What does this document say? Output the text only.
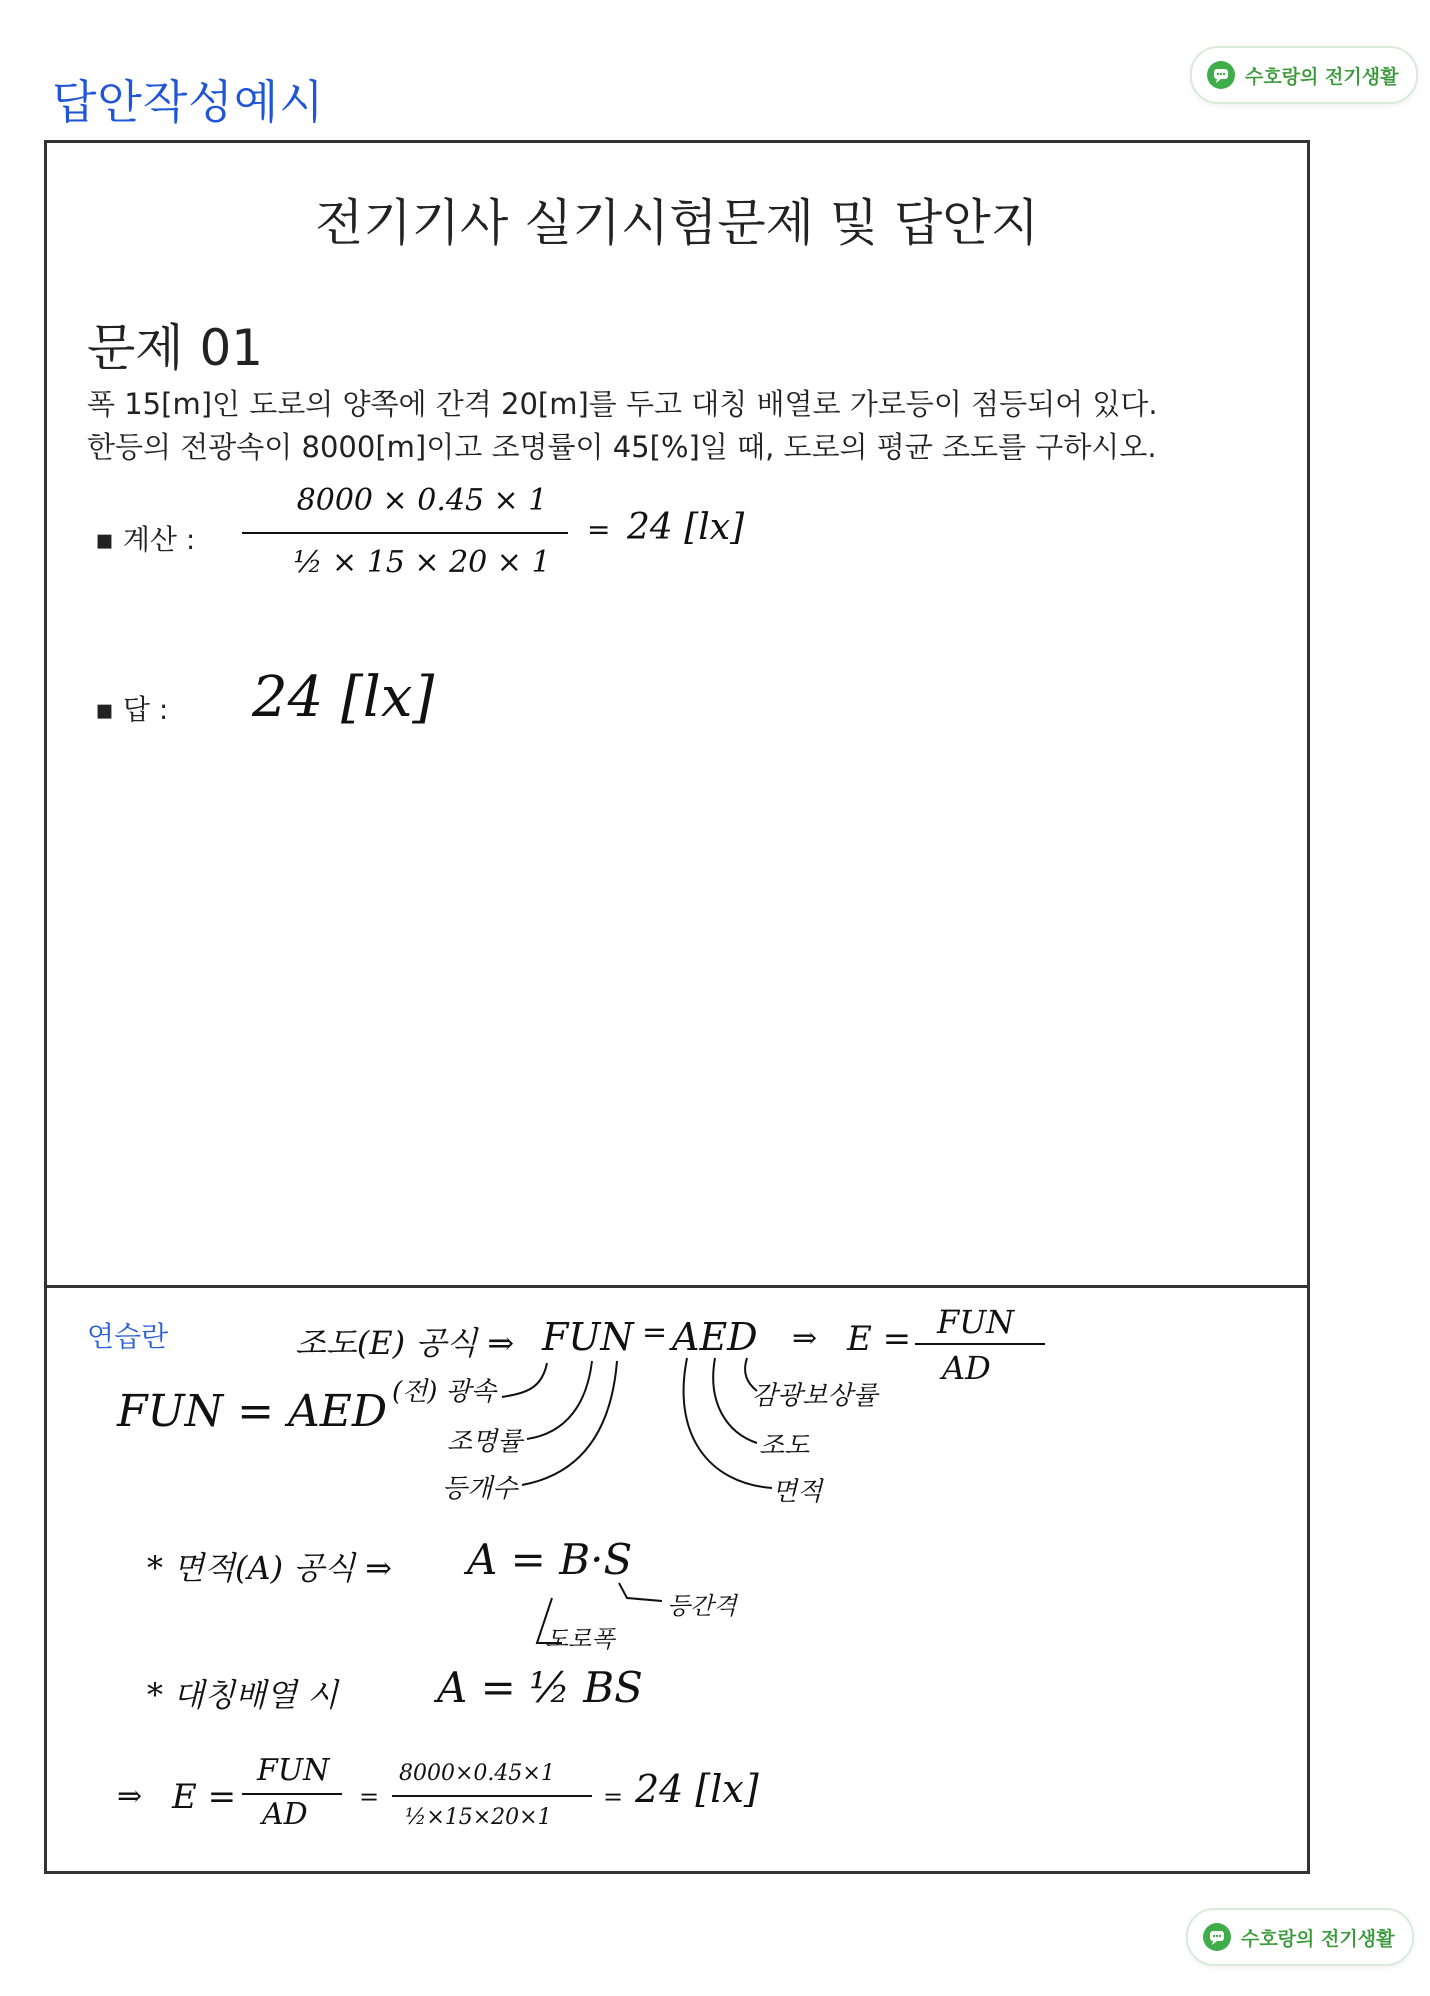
답안작성예시	수호랑의 전기생활
전기기사 실기시험문제 및 답안지
문제 01
폭 15[m]인 도로의 양쪽에 간격 20[m]를 두고 대칭 배열로 가로등이 점등되어 있다.
한등의 전광속이 8000[m]이고 조명률이 45[%]일 때, 도로의 평균 조도를 구하시오.
▪ 계산 :
8000 × 0.45 × 1
½ × 15 × 20 × 1
= 24 [lx]
▪ 답 : 24 [lx]
연습란	조도(E) 공식 ⇒ FUN = AED ⇒ E = FUN
AD
FUN = AED (전) 광속
조명률
등개수
감광보상률
조도
면적
* 면적(A) 공식 ⇒ A = B·S
도로폭
등간격
* 대칭배열 시 A = ½ BS
⇒ E =
FUN
AD =
8000×0.45×1
½×15×20×1
= 24 [lx]
수호랑의 전기생활
